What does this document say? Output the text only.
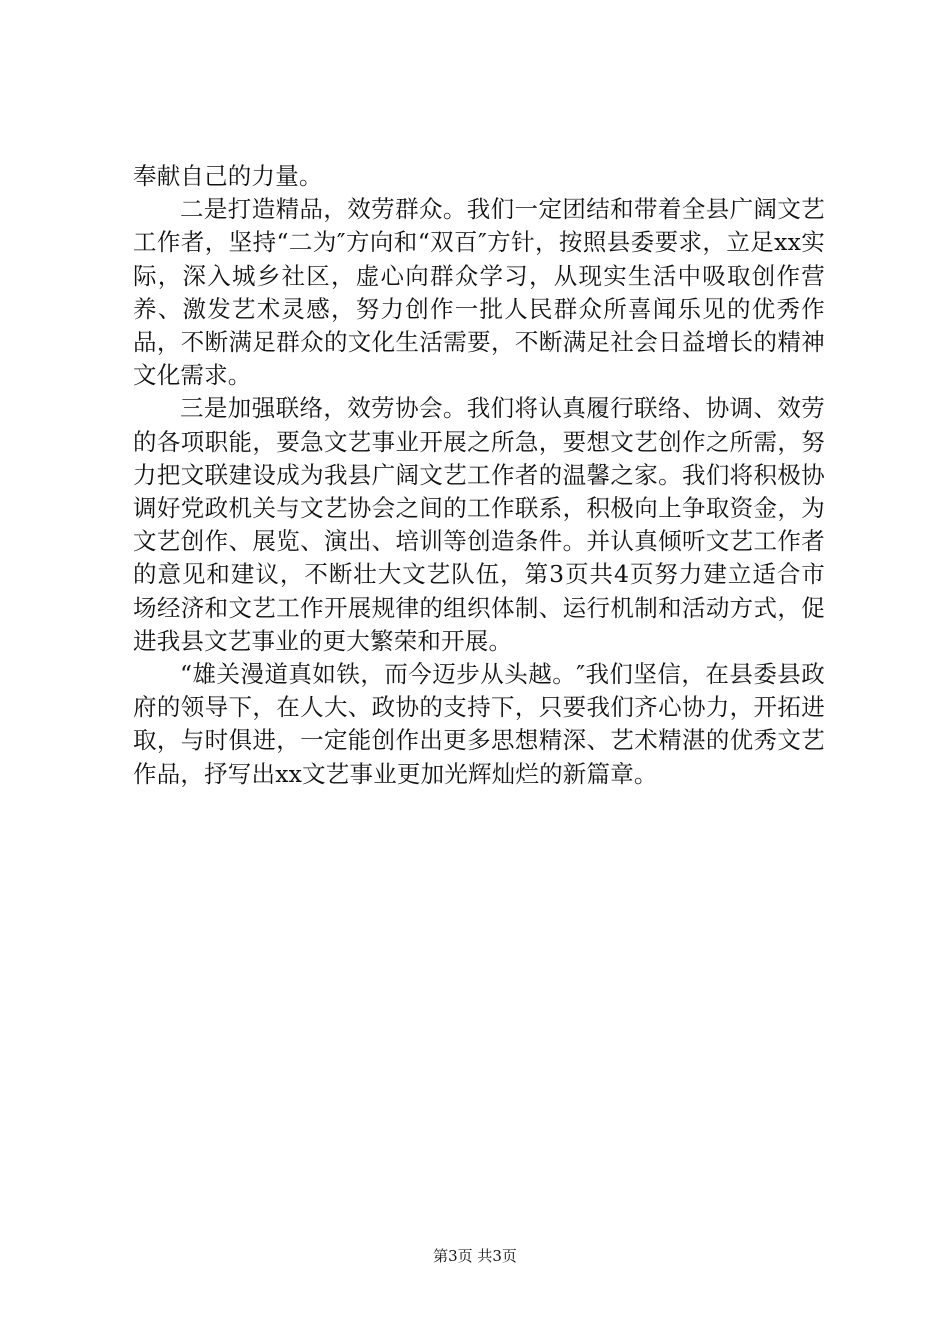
奉献自己的力量。

二是打造精品，效劳群众。我们一定团结和带着全县广阔文艺工作者，坚持“二为″方向和“双百″方针，按照县委要求，立足xx实际，深入城乡社区，虚心向群众学习，从现实生活中吸取创作营养、激发艺术灵感，努力创作一批人民群众所喜闻乐见的优秀作品，不断满足群众的文化生活需要，不断满足社会日益增长的精神文化需求。

三是加强联络，效劳协会。我们将认真履行联络、协调、效劳的各项职能，要急文艺事业开展之所急，要想文艺创作之所需，努力把文联建设成为我县广阔文艺工作者的温馨之家。我们将积极协调好党政机关与文艺协会之间的工作联系，积极向上争取资金，为文艺创作、展览、演出、培训等创造条件。并认真倾听文艺工作者的意见和建议，不断壮大文艺队伍，第3页共4页努力建立适合市场经济和文艺工作开展规律的组织体制、运行机制和活动方式，促进我县文艺事业的更大繁荣和开展。

“雄关漫道真如铁，而今迈步从头越。″我们坚信，在县委县政府的领导下，在人大、政协的支持下，只要我们齐心协力，开拓进取，与时俱进，一定能创作出更多思想精深、艺术精湛的优秀文艺作品，抒写出xx文艺事业更加光辉灿烂的新篇章。

第3页 共3页
